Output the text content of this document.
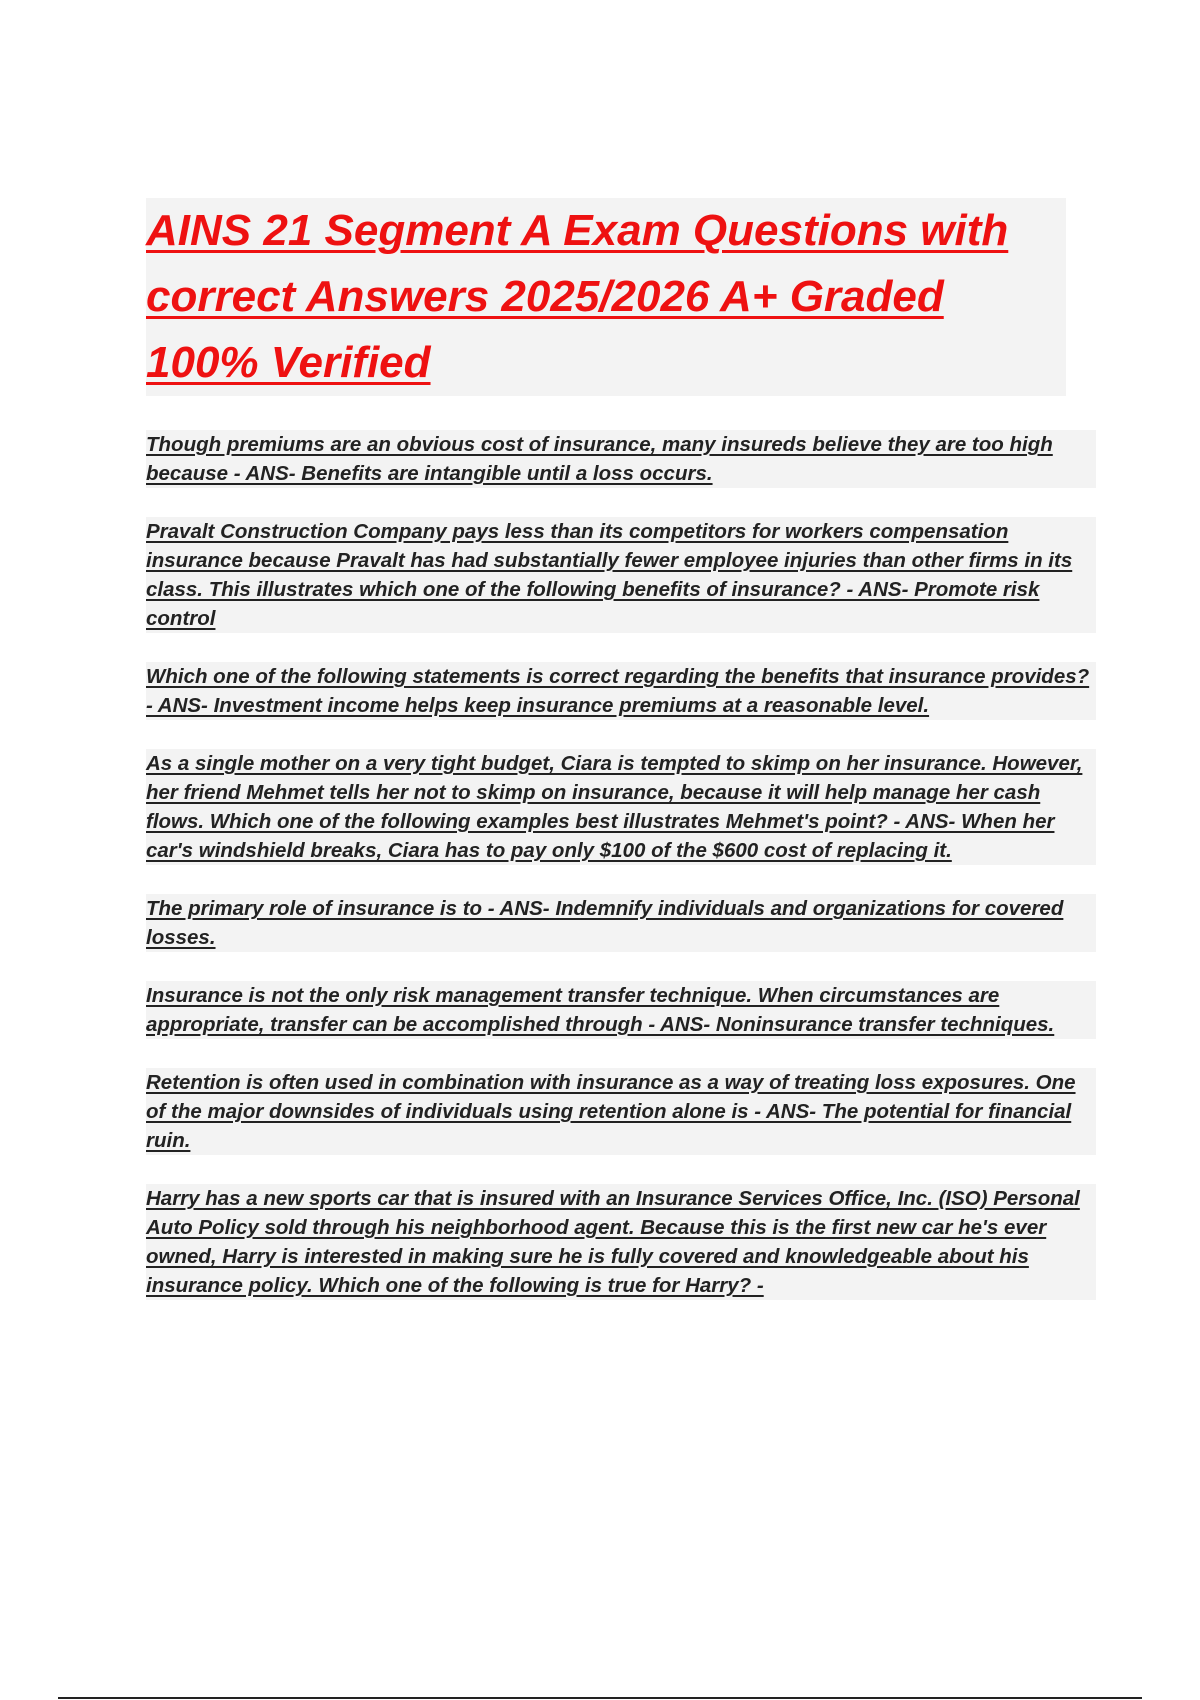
AINS 21 Segment A Exam Questions with
correct Answers 2025/2026 A+ Graded
100% Verified
Though premiums are an obvious cost of insurance, many insureds believe they are too high because - ANS- Benefits are intangible until a loss occurs.
Pravalt Construction Company pays less than its competitors for workers compensation insurance because Pravalt has had substantially fewer employee injuries than other firms in its class. This illustrates which one of the following benefits of insurance? - ANS- Promote risk control
Which one of the following statements is correct regarding the benefits that insurance provides? - ANS- Investment income helps keep insurance premiums at a reasonable level.
As a single mother on a very tight budget, Ciara is tempted to skimp on her insurance. However, her friend Mehmet tells her not to skimp on insurance, because it will help manage her cash flows. Which one of the following examples best illustrates Mehmet's point? - ANS- When her car's windshield breaks, Ciara has to pay only $100 of the $600 cost of replacing it.
The primary role of insurance is to - ANS- Indemnify individuals and organizations for covered losses.
Insurance is not the only risk management transfer technique. When circumstances are appropriate, transfer can be accomplished through - ANS- Noninsurance transfer techniques.
Retention is often used in combination with insurance as a way of treating loss exposures. One of the major downsides of individuals using retention alone is - ANS- The potential for financial ruin.
Harry has a new sports car that is insured with an Insurance Services Office, Inc. (ISO) Personal Auto Policy sold through his neighborhood agent. Because this is the first new car he's ever owned, Harry is interested in making sure he is fully covered and knowledgeable about his insurance policy. Which one of the following is true for Harry? -
